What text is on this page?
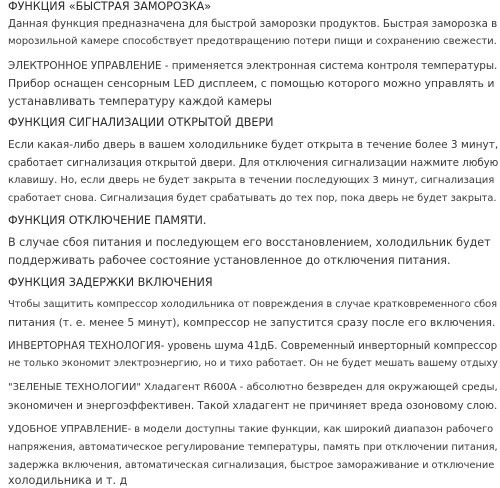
ФУНКЦИЯ «БЫСТРАЯ ЗАМОРОЗКА»
Данная функция предназначена для быстрой заморозки продуктов. Быстрая заморозка в
морозильной камере способствует предотвращению потери пищи и сохранению свежести.
ЭЛЕКТРОННОЕ УПРАВЛЕНИЕ - применяется электронная система контроля температуры.
Прибор оснащен сенсорным LED дисплеем, с помощью которого можно управлять и
устанавливать температуру каждой камеры
ФУНКЦИЯ СИГНАЛИЗАЦИИ ОТКРЫТОЙ ДВЕРИ
Если какая-либо дверь в вашем холодильнике будет открыта в течение более 3 минут,
сработает сигнализация открытой двери. Для отключения сигнализации нажмите любую
клавишу. Но, если дверь не будет закрыта в течении последующих 3 минут, сигнализация
сработает снова. Сигнализация будет срабатывать до тех пор, пока дверь не будет закрыта.
ФУНКЦИЯ ОТКЛЮЧЕНИЕ ПАМЯТИ.
В случае сбоя питания и последующем его восстановлением, холодильник будет
поддерживать рабочее состояние установленное до отключения питания.
ФУНКЦИЯ ЗАДЕРЖКИ ВКЛЮЧЕНИЯ
Чтобы защитить компрессор холодильника от повреждения в случае кратковременного сбоя
питания (т. е. менее 5 минут), компрессор не запустится сразу после его включения.
ИНВЕРТОРНАЯ ТЕХНОЛОГИЯ- уровень шума 41дБ. Современный инверторный компрессор
не только экономит электроэнергию, но и тихо работает. Он не будет мешать вашему отдыху
"ЗЕЛЕНЫЕ ТЕХНОЛОГИИ" Хладагент R600A - абсолютно безвреден для окружающей среды,
экономичен и энергоэффективен. Такой хладагент не причиняет вреда озоновому слою.
УДОБНОЕ УПРАВЛЕНИЕ- в модели доступны такие функции, как широкий диапазон рабочего
напряжения, автоматическое регулирование температуры, память при отключении питания,
задержка включения, автоматическая сигнализация, быстрое замораживание и отключение
холодильника и т. д
